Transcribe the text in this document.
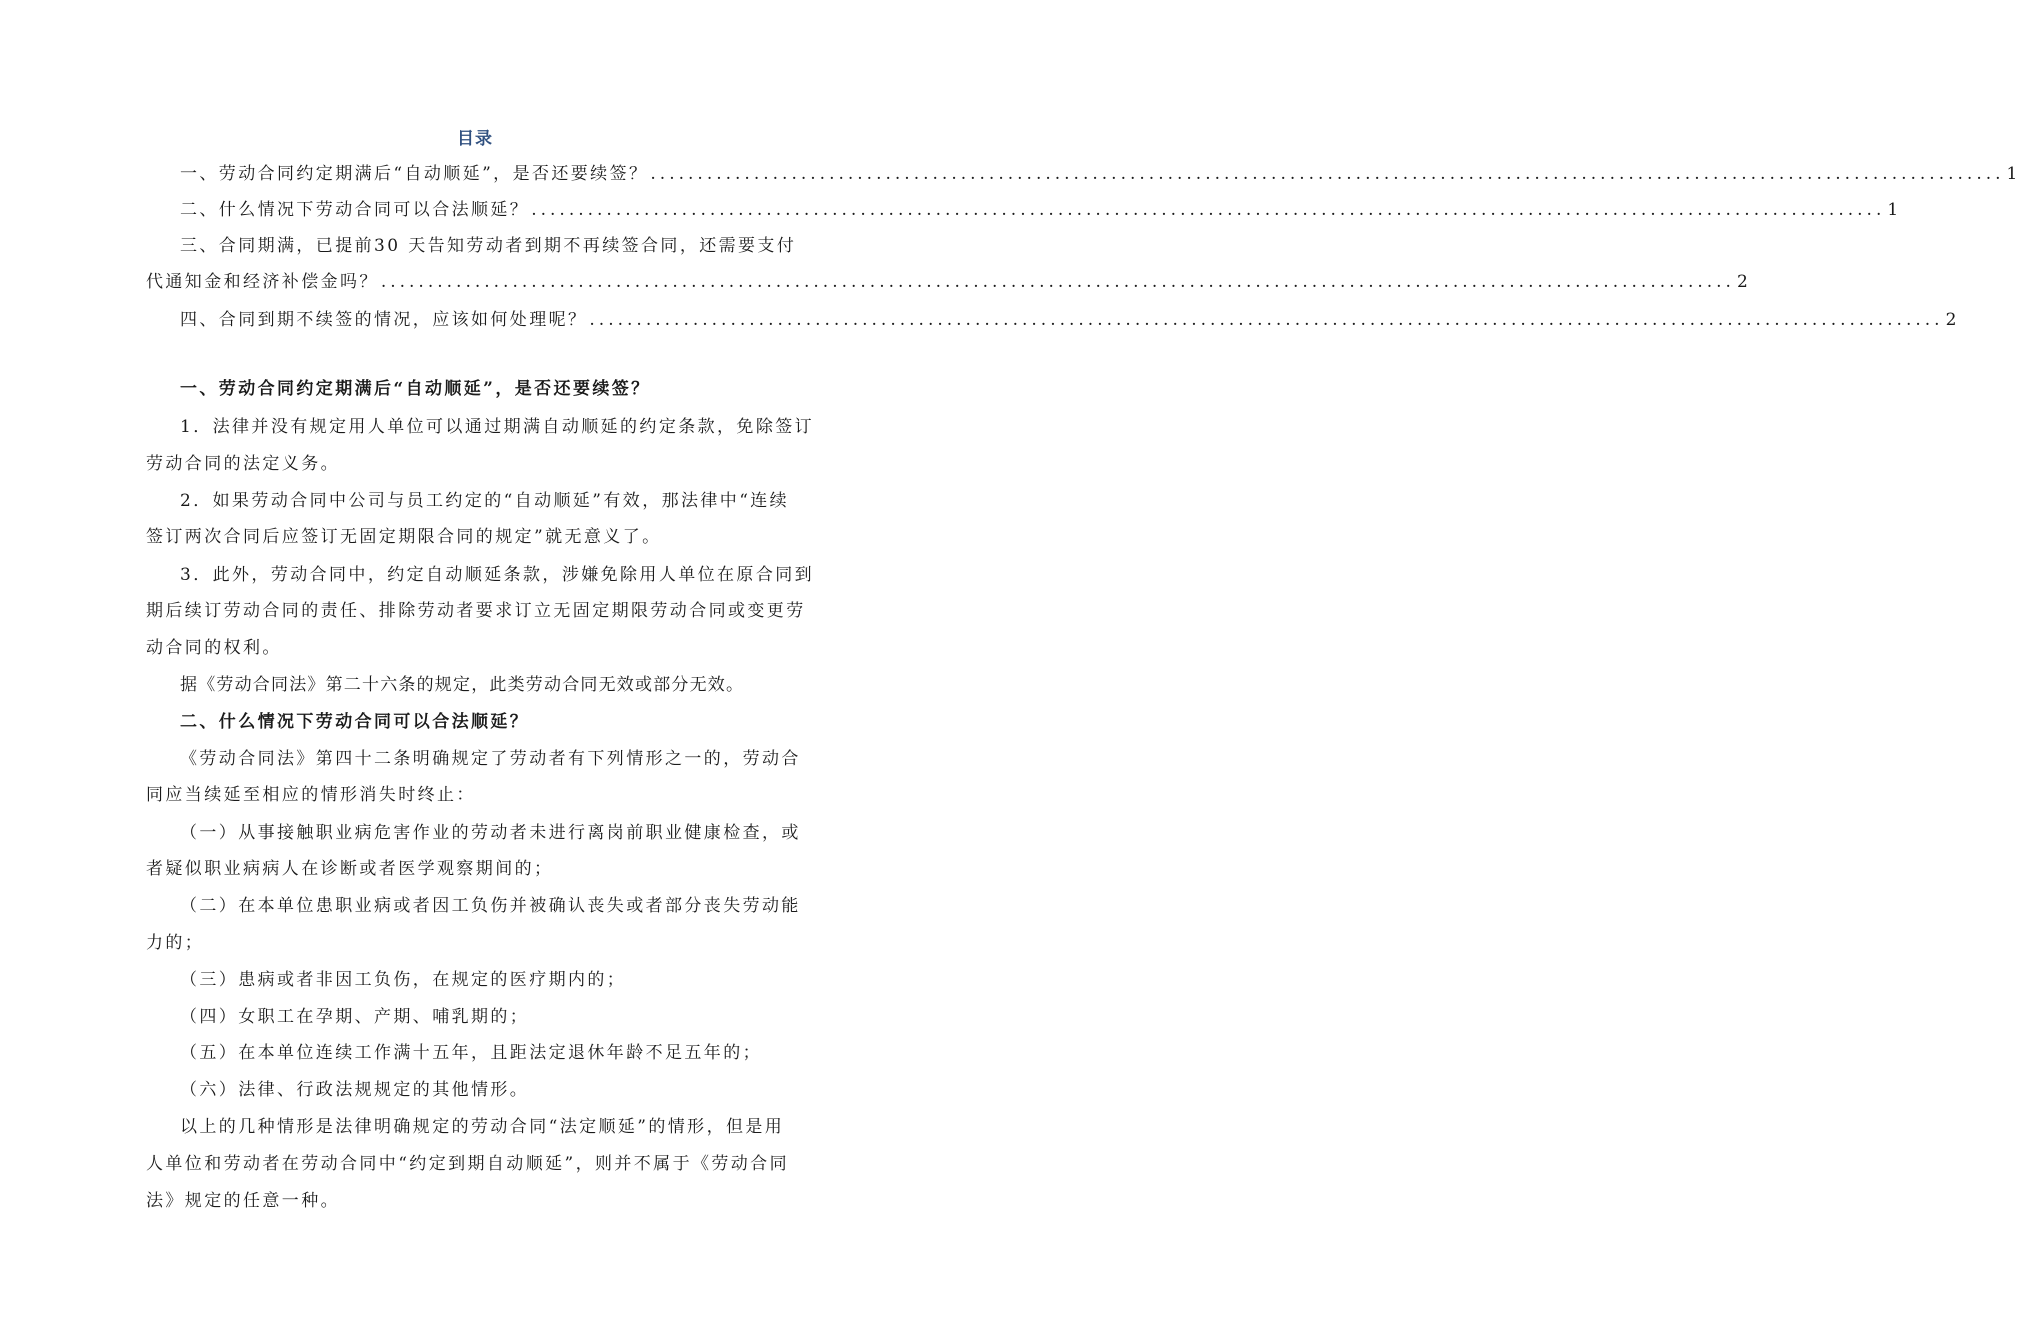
目录
一、劳动合同约定期满后“自动顺延”，是否还要续签？ ................................................................................................................................................ 1
二、什么情况下劳动合同可以合法顺延？ ................................................................................................................................................ 1
三、合同期满，已提前30 天告知劳动者到期不再续签合同，还需要支付
代通知金和经济补偿金吗？ ................................................................................................................................................ 2
四、合同到期不续签的情况，应该如何处理呢？ ................................................................................................................................................ 2
一、劳动合同约定期满后“自动顺延”，是否还要续签？
1．法律并没有规定用人单位可以通过期满自动顺延的约定条款，免除签订
劳动合同的法定义务。
2．如果劳动合同中公司与员工约定的“自动顺延”有效，那法律中“连续
签订两次合同后应签订无固定期限合同的规定”就无意义了。
3．此外，劳动合同中，约定自动顺延条款，涉嫌免除用人单位在原合同到
期后续订劳动合同的责任、排除劳动者要求订立无固定期限劳动合同或变更劳
动合同的权利。
据《劳动合同法》第二十六条的规定，此类劳动合同无效或部分无效。
二、什么情况下劳动合同可以合法顺延？
《劳动合同法》第四十二条明确规定了劳动者有下列情形之一的，劳动合
同应当续延至相应的情形消失时终止：
（一）从事接触职业病危害作业的劳动者未进行离岗前职业健康检查，或
者疑似职业病病人在诊断或者医学观察期间的；
（二）在本单位患职业病或者因工负伤并被确认丧失或者部分丧失劳动能
力的；
（三）患病或者非因工负伤，在规定的医疗期内的；
（四）女职工在孕期、产期、哺乳期的；
（五）在本单位连续工作满十五年，且距法定退休年龄不足五年的；
（六）法律、行政法规规定的其他情形。
以上的几种情形是法律明确规定的劳动合同“法定顺延”的情形，但是用
人单位和劳动者在劳动合同中“约定到期自动顺延”，则并不属于《劳动合同
法》规定的任意一种。
